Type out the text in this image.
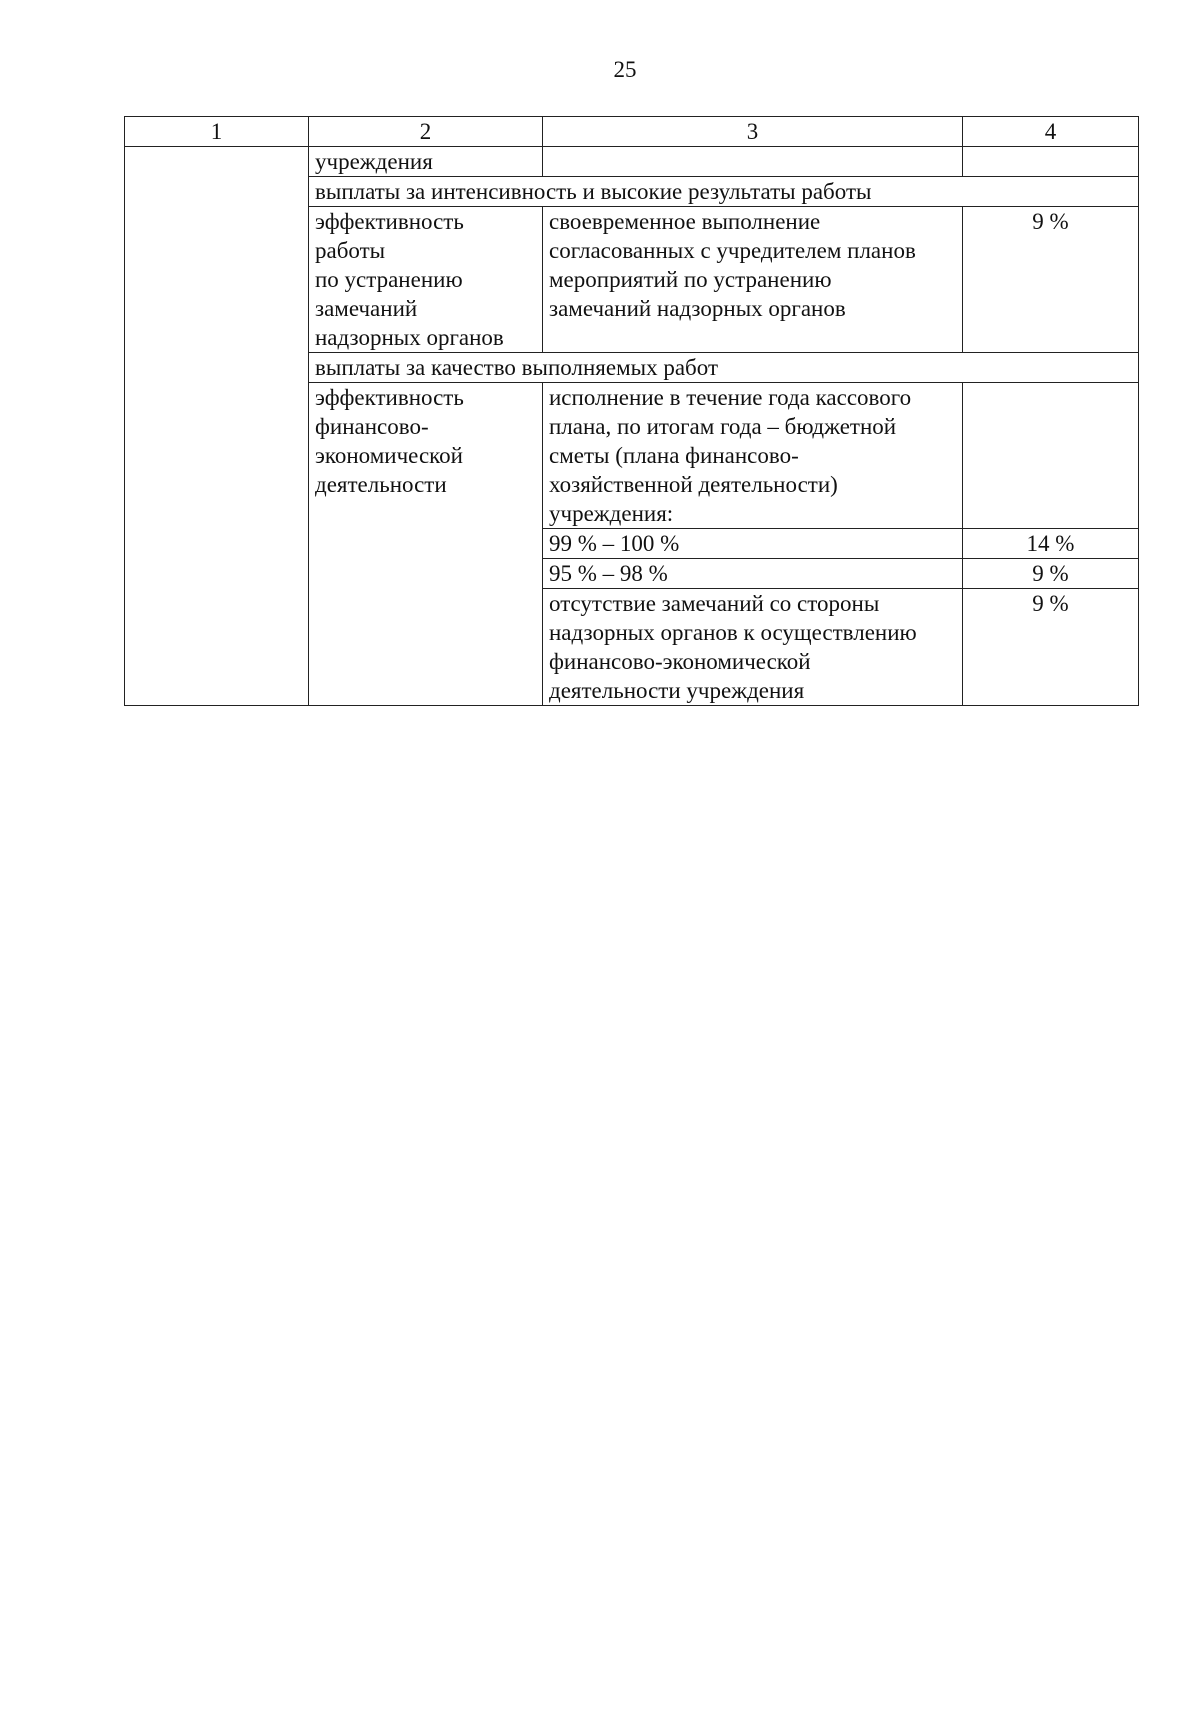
25
1	2	3	4
	учреждения		
	выплаты за интенсивность и высокие результаты работы		
	эффективность
работы
по устранению
замечаний
надзорных органов	своевременное выполнение
согласованных с учредителем планов
мероприятий по устранению
замечаний надзорных органов	9 %
	выплаты за качество выполняемых работ		
	эффективность
финансово-
экономической
деятельности	исполнение в течение года кассового
плана, по итогам года – бюджетной
сметы (плана финансово-
хозяйственной деятельности)
учреждения:	
		99 % – 100 %	14 %
		95 % – 98 %	9 %
		отсутствие замечаний со стороны
надзорных органов к осуществлению
финансово-экономической
деятельности учреждения	9 %
